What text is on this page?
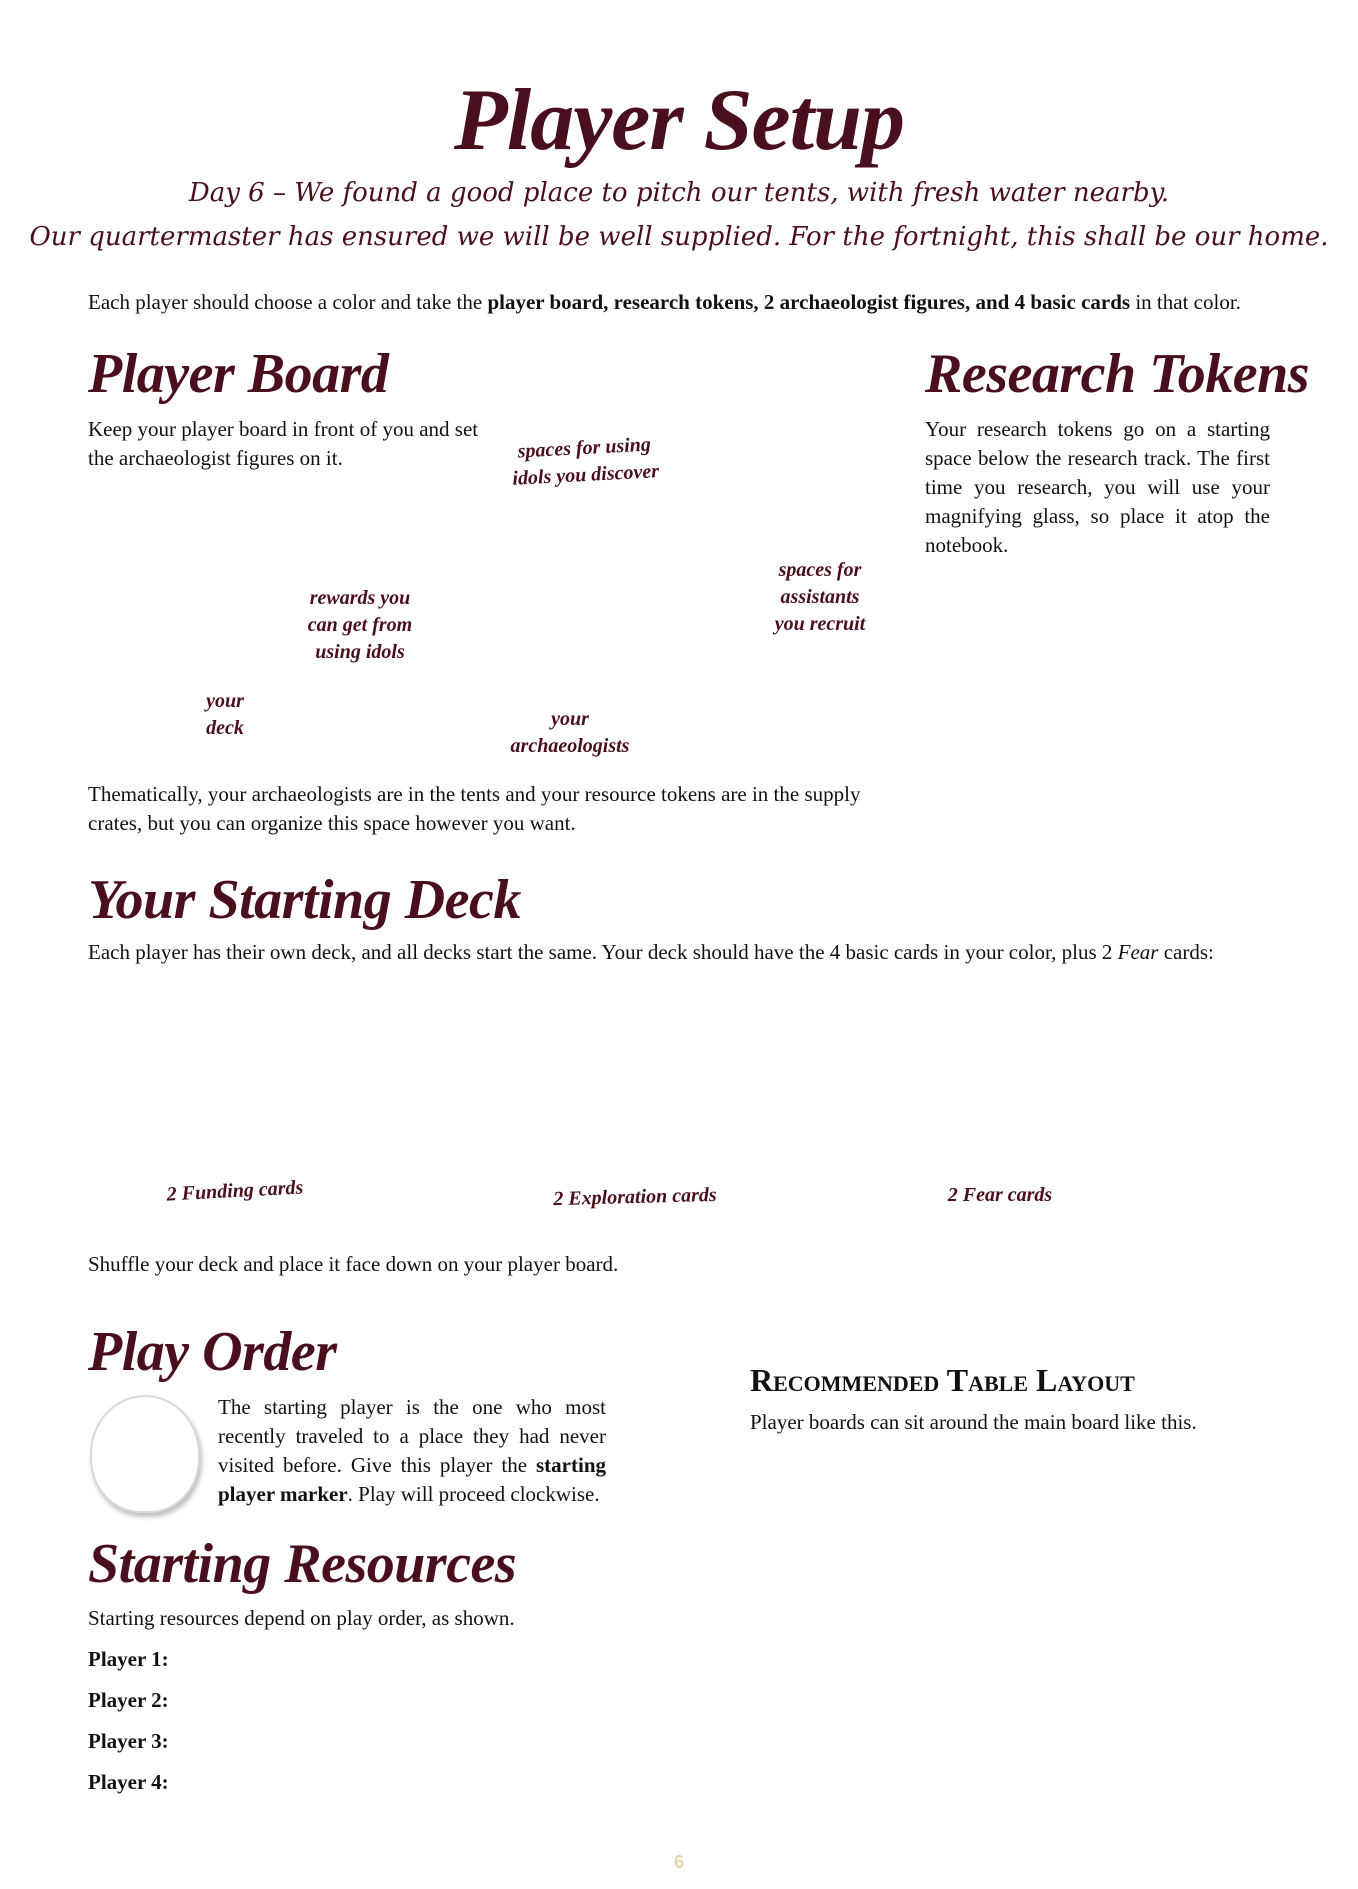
Player Setup
Day 6 – We found a good place to pitch our tents, with fresh water nearby.
Our quartermaster has ensured we will be well supplied. For the fortnight, this shall be our home.
Each player should choose a color and take the player board, research tokens, 2 archaeologist figures, and 4 basic cards in that color.
Player Board
Keep your player board in front of you and set the archaeologist figures on it.	spaces for using
idols you discover
spaces for
assistants
you recruit
rewards you
can get from
using idols
your
deck	your
archaeologists
Thematically, your archaeologists are in the tents and your resource tokens are in the supply crates, but you can organize this space however you want.
Research Tokens
Your research tokens go on a starting space below the research track. The first time you research, you will use your magnifying glass, so place it atop the notebook.
Your Starting Deck
Each player has their own deck, and all decks start the same. Your deck should have the 4 basic cards in your color, plus 2 Fear cards:
2 Funding cards	2 Exploration cards	2 Fear cards
Shuffle your deck and place it face down on your player board.
Play Order
The starting player is the one who most recently traveled to a place they had never visited before. Give this player the starting player marker. Play will proceed clockwise.
Recommended Table Layout
Player boards can sit around the main board like this.
Starting Resources
Starting resources depend on play order, as shown.
Player 1:
Player 2:
Player 3:
Player 4:
6
